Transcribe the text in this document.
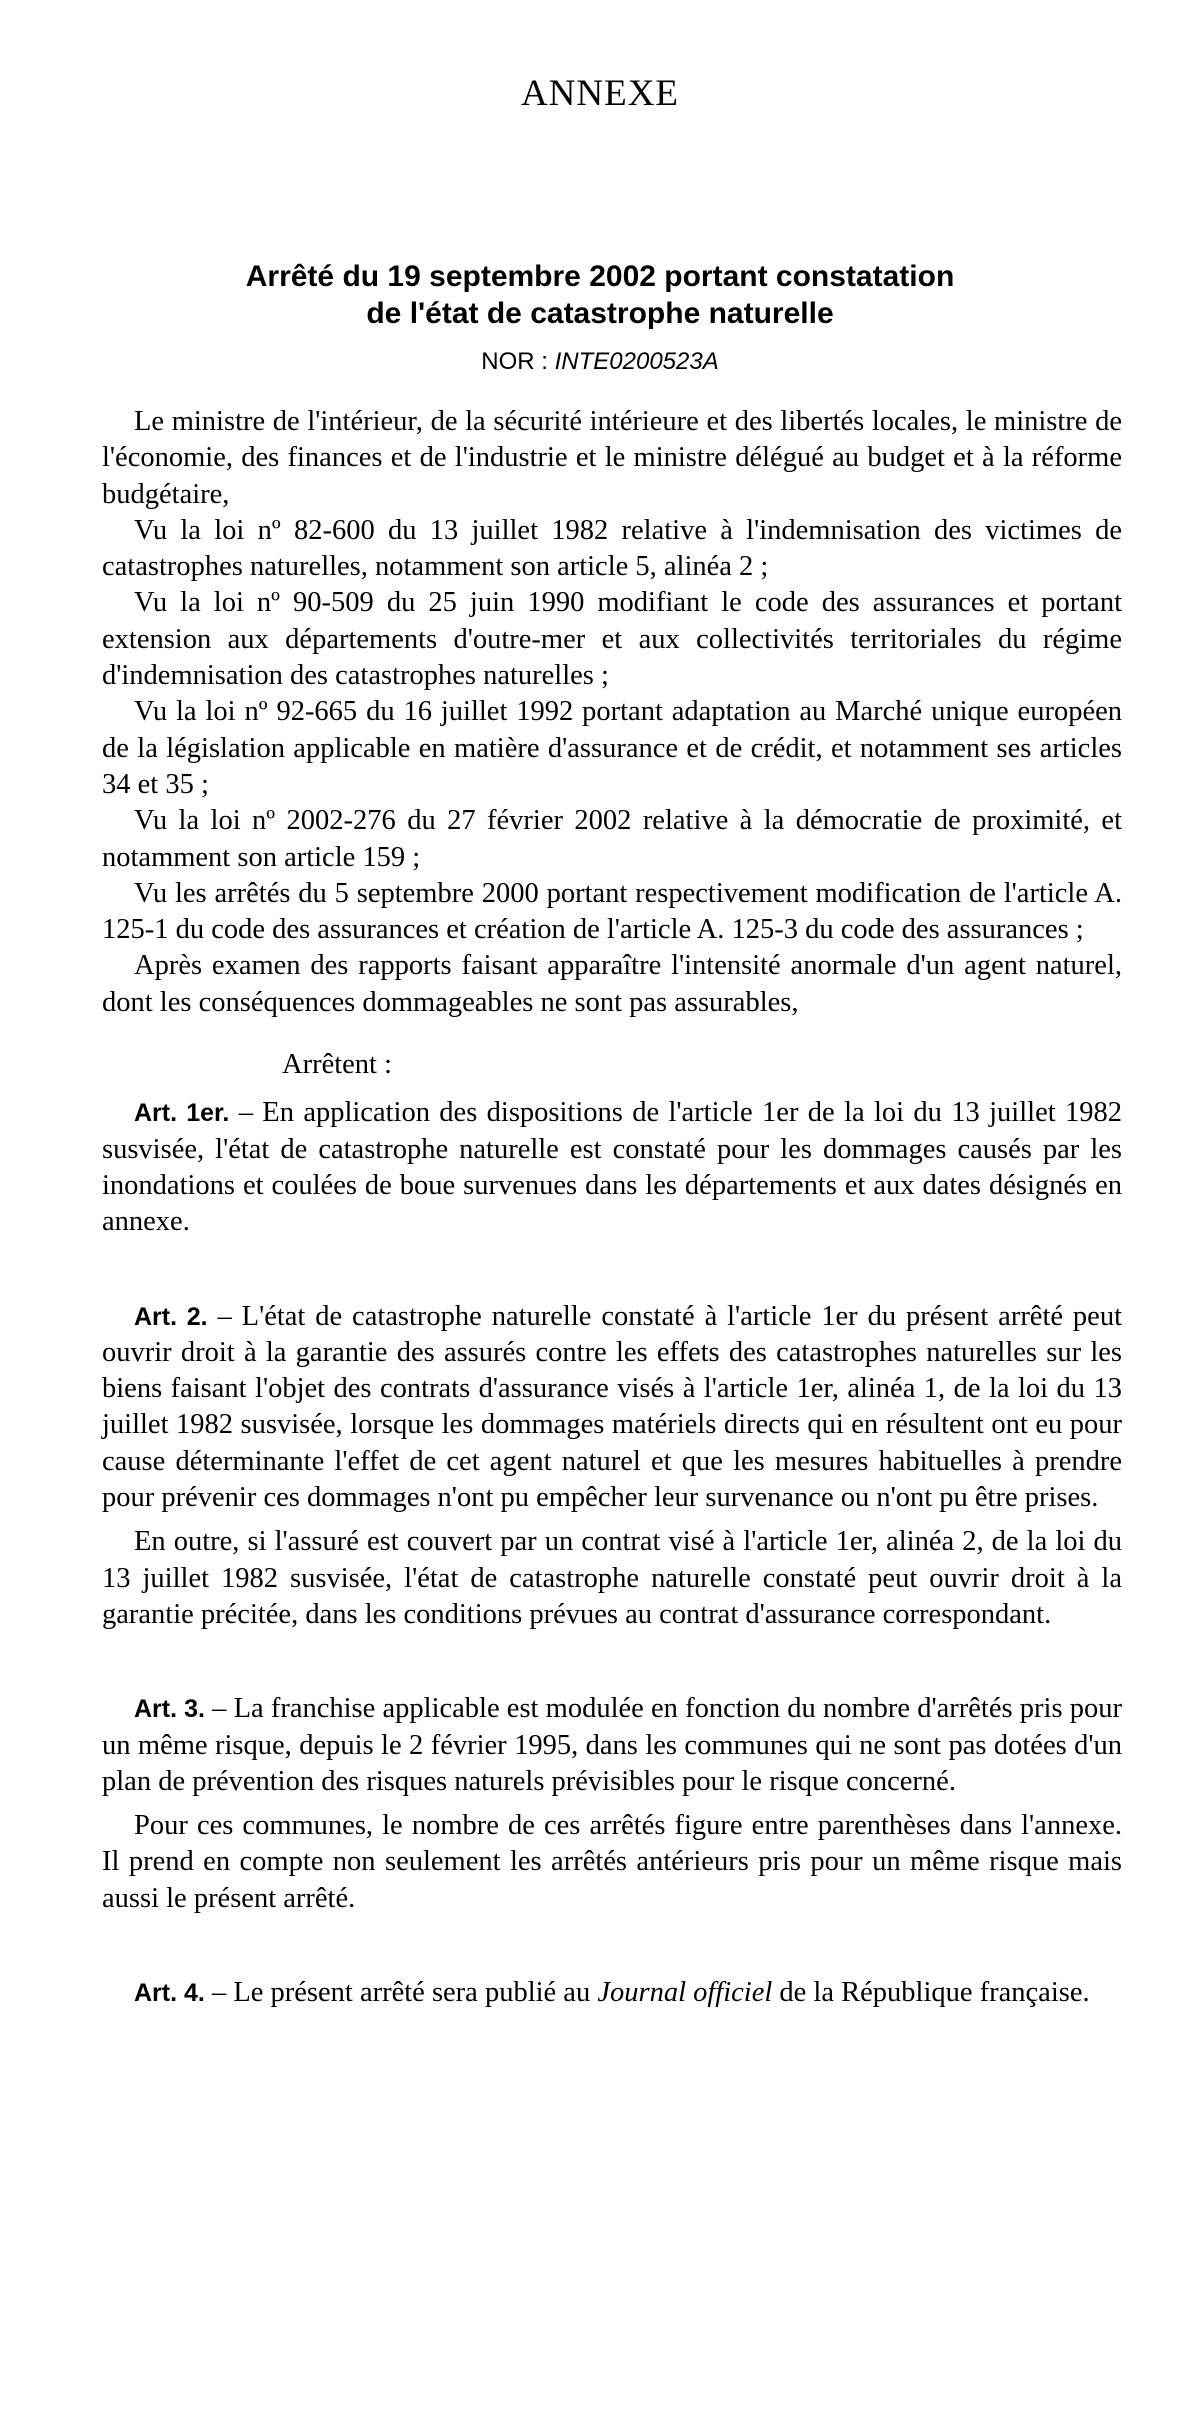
ANNEXE
Arrêté du 19 septembre 2002 portant constatation
de l'état de catastrophe naturelle
NOR : INTE0200523A

Le ministre de l'intérieur, de la sécurité intérieure et des libertés locales, le ministre de l'économie, des finances et de l'industrie et le ministre délégué au budget et à la réforme budgétaire,

Vu la loi nº 82-600 du 13 juillet 1982 relative à l'indemnisation des victimes de catastrophes naturelles, notamment son article 5, alinéa 2 ;

Vu la loi nº 90-509 du 25 juin 1990 modifiant le code des assurances et portant extension aux départements d'outre-mer et aux collectivités territoriales du régime d'indemnisation des catastrophes naturelles ;

Vu la loi nº 92-665 du 16 juillet 1992 portant adaptation au Marché unique européen de la législation applicable en matière d'assurance et de crédit, et notamment ses articles 34 et 35 ;

Vu la loi nº 2002-276 du 27 février 2002 relative à la démocratie de proximité, et notamment son article 159 ;

Vu les arrêtés du 5 septembre 2000 portant respectivement modification de l'article A. 125-1 du code des assurances et création de l'article A. 125-3 du code des assurances ;

Après examen des rapports faisant apparaître l'intensité anormale d'un agent naturel, dont les conséquences dommageables ne sont pas assurables,

Arrêtent :

Art. 1er. – En application des dispositions de l'article 1er de la loi du 13 juillet 1982 susvisée, l'état de catastrophe naturelle est constaté pour les dommages causés par les inondations et coulées de boue survenues dans les départements et aux dates désignés en annexe.

Art. 2. – L'état de catastrophe naturelle constaté à l'article 1er du présent arrêté peut ouvrir droit à la garantie des assurés contre les effets des catastrophes naturelles sur les biens faisant l'objet des contrats d'assurance visés à l'article 1er, alinéa 1, de la loi du 13 juillet 1982 susvisée, lorsque les dommages matériels directs qui en résultent ont eu pour cause déterminante l'effet de cet agent naturel et que les mesures habituelles à prendre pour prévenir ces dommages n'ont pu empêcher leur survenance ou n'ont pu être prises.

En outre, si l'assuré est couvert par un contrat visé à l'article 1er, alinéa 2, de la loi du 13 juillet 1982 susvisée, l'état de catastrophe naturelle constaté peut ouvrir droit à la garantie précitée, dans les conditions prévues au contrat d'assurance correspondant.

Art. 3. – La franchise applicable est modulée en fonction du nombre d'arrêtés pris pour un même risque, depuis le 2 février 1995, dans les communes qui ne sont pas dotées d'un plan de prévention des risques naturels prévisibles pour le risque concerné.

Pour ces communes, le nombre de ces arrêtés figure entre parenthèses dans l'annexe. Il prend en compte non seulement les arrêtés antérieurs pris pour un même risque mais aussi le présent arrêté.

Art. 4. – Le présent arrêté sera publié au Journal officiel de la République française.
